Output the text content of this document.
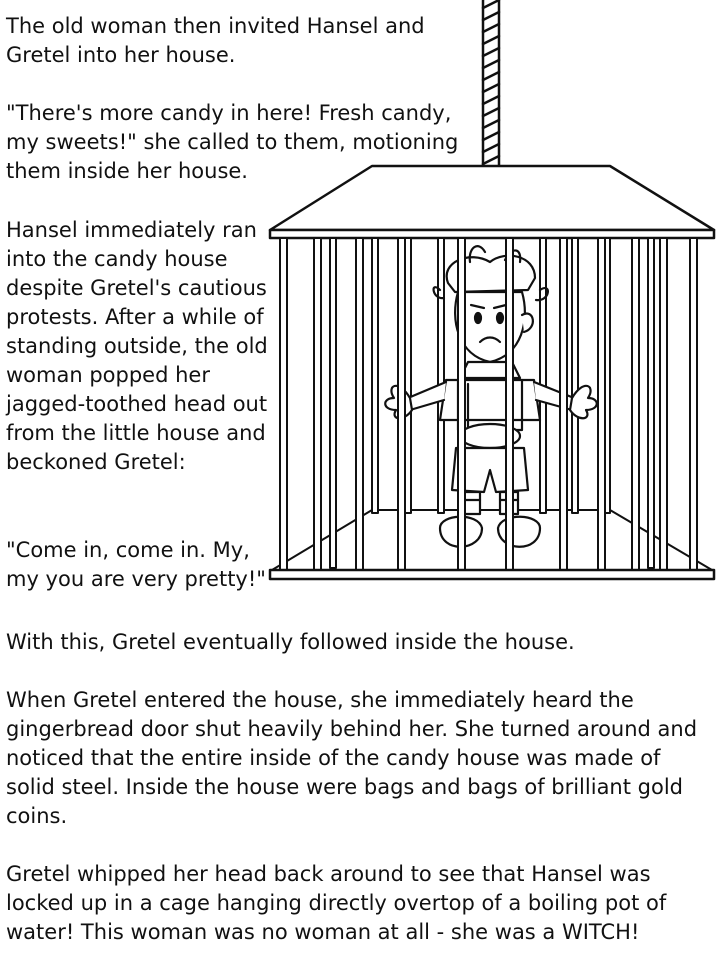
The old woman then invited Hansel and Gretel into her house.

"There's more candy in here! Fresh candy, my sweets!" she called to them, motioning them inside her house.

Hansel immediately ran into the candy house despite Gretel's cautious protests. After a while of standing outside, the old woman popped her jagged-toothed head out from the little house and beckoned Gretel:

"Come in, come in. My, my you are very pretty!"

With this, Gretel eventually followed inside the house.

When Gretel entered the house, she immediately heard the gingerbread door shut heavily behind her. She turned around and noticed that the entire inside of the candy house was made of solid steel. Inside the house were bags and bags of brilliant gold coins.

Gretel whipped her head back around to see that Hansel was locked up in a cage hanging directly overtop of a boiling pot of water! This woman was no woman at all - she was a WITCH!
